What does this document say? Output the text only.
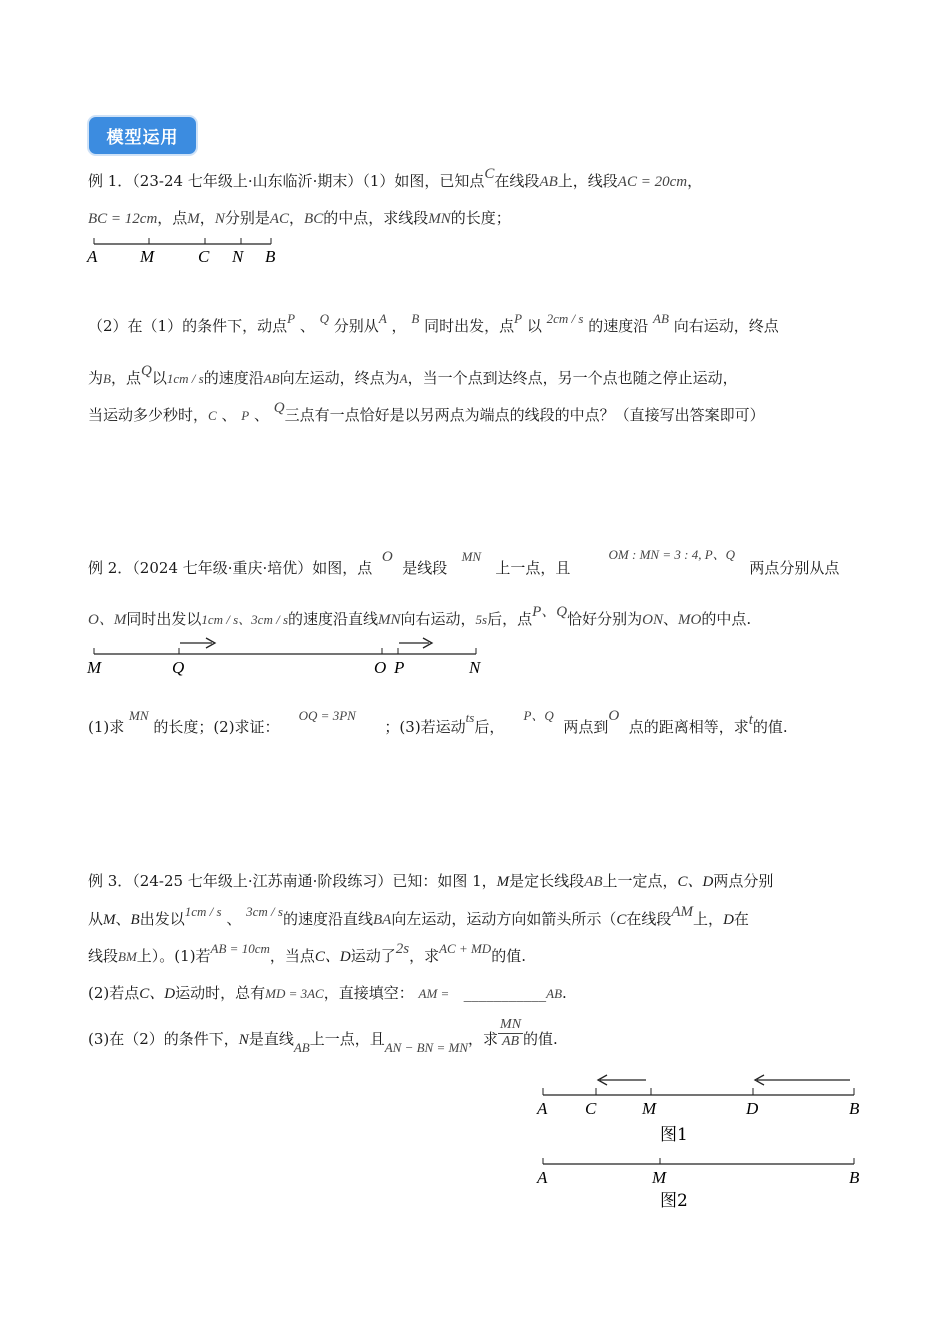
模型运用
例 1．（23-24 七年级上·山东临沂·期末）（1）如图，已知点C在线段AB上，线段AC = 20cm，
BC = 12cm，点M，N分别是AC，BC的中点，求线段MN的长度；
A	M	C N B
（2）在（1）的条件下，动点P 、 Q 分别从A ， B 同时出发，点P 以 2cm / s 的速度沿 AB 向右运动，终点
为B，点Q以1cm / s的速度沿AB向左运动，终点为A，当一个点到达终点，另一个点也随之停止运动，
当运动多少秒时，C 、 P 、 Q三点有一点恰好是以另两点为端点的线段的中点？（直接写出答案即可）
例 2．（2024 七年级·重庆·培优）如图，点  O  是线段   MN   上一点，且        OM : MN = 3 : 4, P、Q   两点分别从点
O、M同时出发以1cm / s、3cm / s的速度沿直线MN向右运动，5s后，点P、Q恰好分别为ON、MO的中点.
M	Q	O P	N
(1)求 MN 的长度；(2)求证：    OQ = 3PN      ；(3)若运动ts后，    P、Q  两点到O  点的距离相等，求t的值.
例 3．（24-25 七年级上·江苏南通·阶段练习）已知：如图 1，M是定长线段AB上一定点，C、D两点分别
从M、B出发以1cm / s 、 3cm / s的速度沿直线BA向左运动，运动方向如箭头所示（C在线段AM上，D在
线段BM上）。(1)若AB = 10cm，当点C、D运动了2s，求AC + MD的值.
(2)若点C、D运动时，总有MD = 3AC，直接填空： AM = ___________AB.
(3)在（2）的条件下，N是直线AB上一点，且AN − BN = MN，求 $\frac{MN}{AB}$ 的值.
A C	M	D	B
图1
A	M	B
图2
